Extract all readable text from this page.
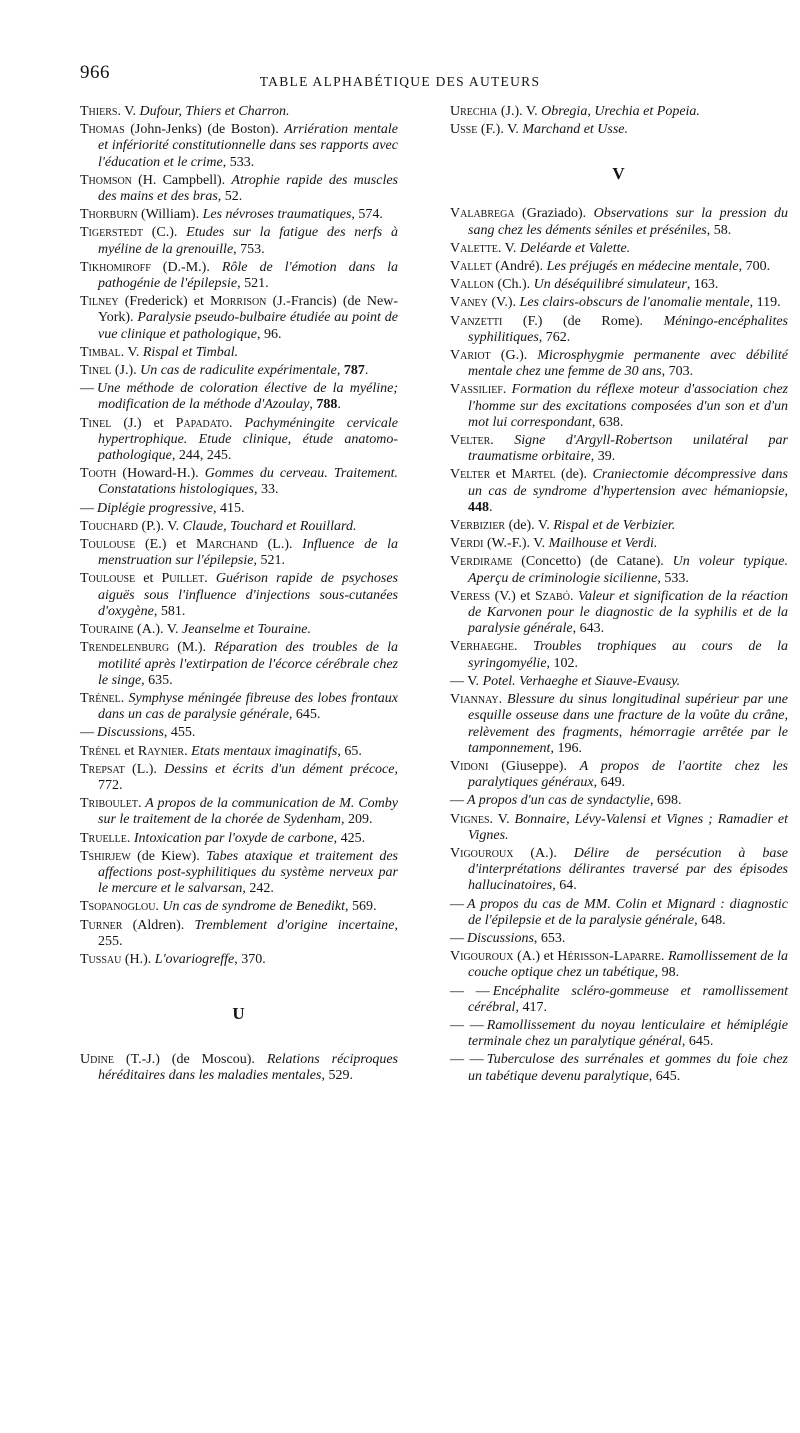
966	TABLE ALPHABÉTIQUE DES AUTEURS

Thiers. V. Dufour, Thiers et Charron.

Thomas (John-Jenks) (de Boston). Arriération mentale et infériorité constitutionnelle dans ses rapports avec l'éducation et le crime, 533.

Thomson (H. Campbell). Atrophie rapide des muscles des mains et des bras, 52.

Thorburn (William). Les névroses traumatiques, 574.

Tigerstedt (C.). Etudes sur la fatigue des nerfs à myéline de la grenouille, 753.

Tikhomiroff (D.-M.). Rôle de l'émotion dans la pathogénie de l'épilepsie, 521.

Tilney (Frederick) et Morrison (J.-Francis) (de New-York). Paralysie pseudo-bulbaire étudiée au point de vue clinique et pathologique, 96.

Timbal. V. Rispal et Timbal.

Tinel (J.). Un cas de radiculite expérimentale, 787.

— Une méthode de coloration élective de la myéline; modification de la méthode d'Azoulay, 788.

Tinel (J.) et Papadato. Pachyméningite cervicale hypertrophique. Etude clinique, étude anatomo-pathologique, 244, 245.

Tooth (Howard-H.). Gommes du cerveau. Traitement. Constatations histologiques, 33.

— Diplégie progressive, 415.

Touchard (P.). V. Claude, Touchard et Rouillard.

Toulouse (E.) et Marchand (L.). Influence de la menstruation sur l'épilepsie, 521.

Toulouse et Puillet. Guérison rapide de psychoses aiguës sous l'influence d'injections sous-cutanées d'oxygène, 581.

Touraine (A.). V. Jeanselme et Touraine.

Trendelenburg (M.). Réparation des troubles de la motilité après l'extirpation de l'écorce cérébrale chez le singe, 635.

Trénel. Symphyse méningée fibreuse des lobes frontaux dans un cas de paralysie générale, 645.

— Discussions, 455.

Trénel et Raynier. Etats mentaux imaginatifs, 65.

Trepsat (L.). Dessins et écrits d'un dément précoce, 772.

Triboulet. A propos de la communication de M. Comby sur le traitement de la chorée de Sydenham, 209.

Truelle. Intoxication par l'oxyde de carbone, 425.

Tshirjew (de Kiew). Tabes ataxique et traitement des affections post-syphilitiques du système nerveux par le mercure et le salvarsan, 242.

Tsopanoglou. Un cas de syndrome de Benedikt, 569.

Turner (Aldren). Tremblement d'origine incertaine, 255.

Tussau (H.). L'ovariogreffe, 370.

U

Udine (T.-J.) (de Moscou). Relations réciproques héréditaires dans les maladies mentales, 529.

Urechia (J.). V. Obregia, Urechia et Popeia.

Usse (F.). V. Marchand et Usse.

V

Valabrega (Graziado). Observations sur la pression du sang chez les déments séniles et préséniles, 58.

Valette. V. Deléarde et Valette.

Vallet (André). Les préjugés en médecine mentale, 700.

Vallon (Ch.). Un déséquilibré simulateur, 163.

Vaney (V.). Les clairs-obscurs de l'anomalie mentale, 119.

Vanzetti (F.) (de Rome). Méningo-encéphalites syphilitiques, 762.

Variot (G.). Microsphygmie permanente avec débilité mentale chez une femme de 30 ans, 703.

Vassilief. Formation du réflexe moteur d'association chez l'homme sur des excitations composées d'un son et d'un mot lui correspondant, 638.

Velter. Signe d'Argyll-Robertson unilatéral par traumatisme orbitaire, 39.

Velter et Martel (de). Craniectomie décompressive dans un cas de syndrome d'hypertension avec hémaniopsie, 448.

Verbizier (de). V. Rispal et de Verbizier.

Verdi (W.-F.). V. Mailhouse et Verdi.

Verdirame (Concetto) (de Catane). Un voleur typique. Aperçu de criminologie sicilienne, 533.

Veress (V.) et Szabó. Valeur et signification de la réaction de Karvonen pour le diagnostic de la syphilis et de la paralysie générale, 643.

Verhaeghe. Troubles trophiques au cours de la syringomyélie, 102.

— V. Potel. Verhaeghe et Siauve-Evausy.

Viannay. Blessure du sinus longitudinal supérieur par une esquille osseuse dans une fracture de la voûte du crâne, relèvement des fragments, hémorragie arrêtée par le tamponnement, 196.

Vidoni (Giuseppe). A propos de l'aortite chez les paralytiques généraux, 649.

— A propos d'un cas de syndactylie, 698.

Vignes. V. Bonnaire, Lévy-Valensi et Vignes ; Ramadier et Vignes.

Vigouroux (A.). Délire de persécution à base d'interprétations délirantes traversé par des épisodes hallucinatoires, 64.

— A propos du cas de MM. Colin et Mignard : diagnostic de l'épilepsie et de la paralysie générale, 648.

— Discussions, 653.

Vigouroux (A.) et Hérisson-Laparre. Ramollissement de la couche optique chez un tabétique, 98.

— — Encéphalite scléro-gommeuse et ramollissement cérébral, 417.

— — Ramollissement du noyau lenticulaire et hémiplégie terminale chez un paralytique général, 645.

— — Tuberculose des surrénales et gommes du foie chez un tabétique devenu paralytique, 645.
